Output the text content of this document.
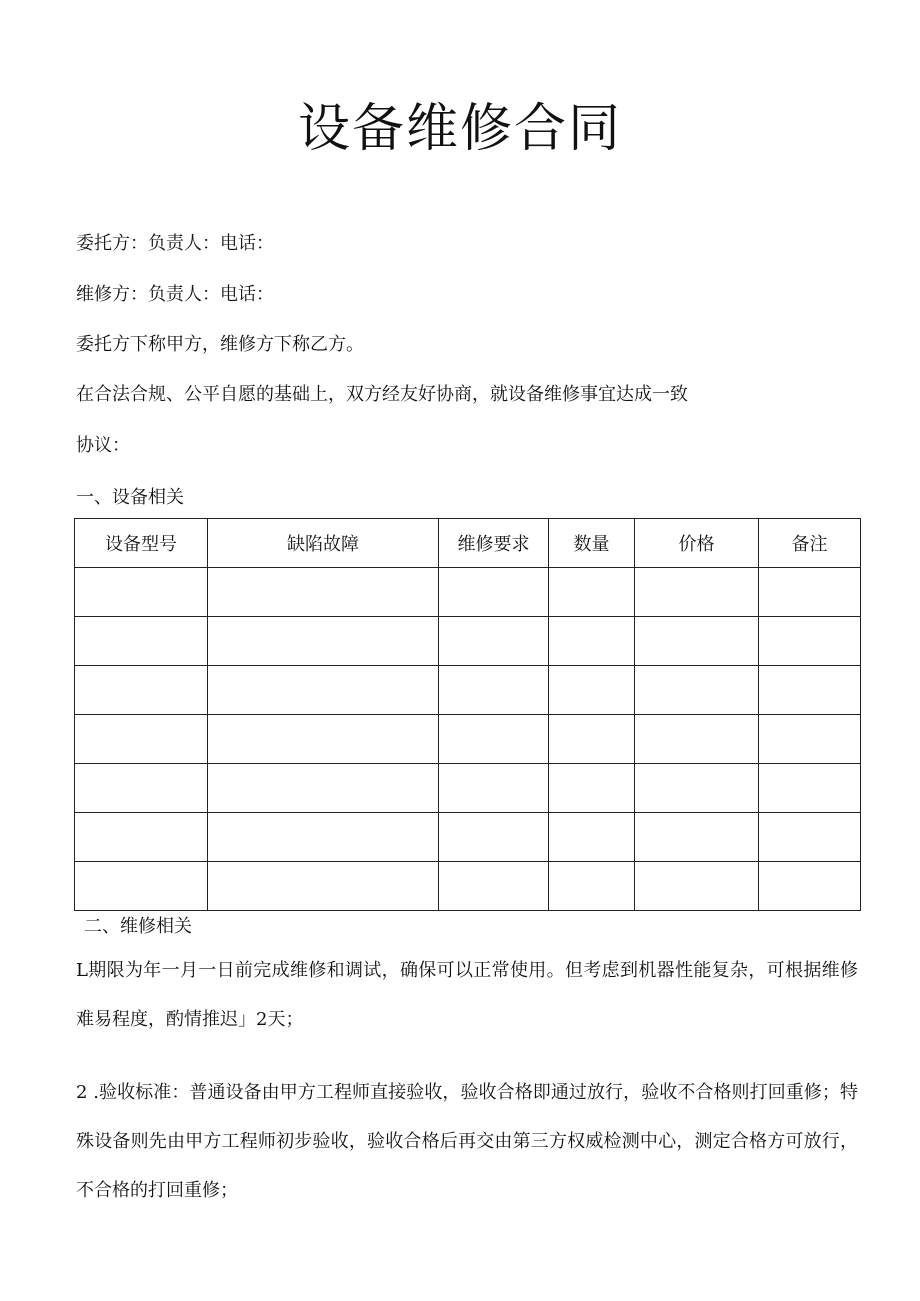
设备维修合同
委托方：负责人：电话：
维修方：负责人：电话：
委托方下称甲方，维修方下称乙方。
在合法合规、公平自愿的基础上，双方经友好协商，就设备维修事宜达成一致
协议：
一、设备相关
设备型号	缺陷故障	维修要求	数量	价格	备注

二、维修相关

L期限为年一月一日前完成维修和调试，确保可以正常使用。但考虑到机器性能复杂，可根据维修难易程度，酌情推迟」2天；

2 .验收标准：普通设备由甲方工程师直接验收，验收合格即通过放行，验收不合格则打回重修；特殊设备则先由甲方工程师初步验收，验收合格后再交由第三方权威检测中心，测定合格方可放行，不合格的打回重修；
